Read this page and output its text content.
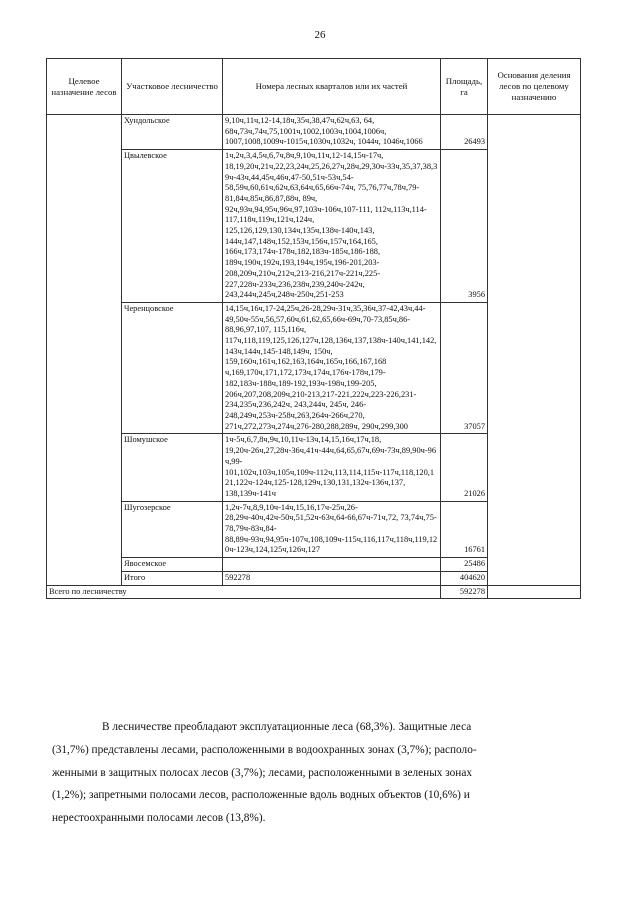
26
Целевое назначение лесов	Участковое лесничество	Номера лесных кварталов или их частей	Площадь, га	Основания деления лесов по целевому назначению
	Хундольское	9,10ч,11ч,12-14,18ч,35ч,38,47ч,62ч,63, 64, 68ч,73ч,74ч,75,1001ч,1002,1003ч,1004,1006ч, 1007,1008,1009ч-1015ч,1030ч,1032ч, 1044ч, 1046ч,1066	26493	
	Цвылевское	1ч,2ч,3,4,5ч,6,7ч,8ч,9,10ч,11ч,12-14,15ч-17ч, 18,19,20ч,21ч,22,23,24ч,25,26,27ч,28ч,29,30ч-33ч,35,37,38,39ч-43ч,44,45ч,46ч,47-50,51ч-53ч,54-58,59ч,60,61ч,62ч,63,64ч,65,66ч-74ч, 75,76,77ч,78ч,79-81,84ч,85ч,86,87,88ч, 89ч, 92ч,93ч,94,95ч,96ч,97,103ч-106ч,107-111, 112ч,113ч,114-117,118ч,119ч,121ч,124ч, 125,126,129,130,134ч,135ч,138ч-140ч,143, 144ч,147,148ч,152,153ч,156ч,157ч,164,165, 166ч,173,174ч-178ч,182,183ч-185ч,186-188, 189ч,190ч,192ч,193,194ч,195ч,196-201,203-208,209ч,210ч,212ч,213-216,217ч-221ч,225-227,228ч-233ч,236,238ч,239,240ч-242ч, 243,244ч,245ч,248ч-250ч,251-253	3956	
	Черенцовское	14,15ч,16ч,17-24,25ч,26-28,29ч-31ч,35,36ч,37-42,43ч,44-49,50ч-55ч,56,57,60ч,61,62,65,66ч-69ч,70-73,85ч,86-88,96,97,107, 115,116ч, 117ч,118,119,125,126,127ч,128,136ч,137,138ч-140ч,141,142,143ч,144ч,145-148,149ч, 150ч, 159,160ч,161ч,162,163,164ч,165ч,166,167,168 ч,169,170ч,171,172,173ч,174ч,176ч-178ч,179-182,183ч-188ч,189-192,193ч-198ч,199-205, 206ч,207,208,209ч,210-213,217-221,222ч,223-226,231-234,235ч,236,242ч, 243,244ч, 245ч, 246-248,249ч,253ч-258ч,263,264ч-266ч,270, 271ч,272,273ч,274ч,276-280,288,289ч, 290ч,299,300	37057	
	Шомушское	1ч-5ч,6,7,8ч,9ч,10,11ч-13ч,14,15,16ч,17ч,18, 19,20ч-26ч,27,28ч-36ч,41ч-44ч,64,65,67ч,69ч-73ч,89,90ч-96ч,99-101,102ч,103ч,105ч,109ч-112ч,113,114,115ч-117ч,118,120,121,122ч-124ч,125-128,129ч,130,131,132ч-136ч,137, 138,139ч-141ч	21026	
	Шугозерское	1,2ч-7ч,8,9,10ч-14ч,15,16,17ч-25ч,26-28,29ч-40ч,42ч-50ч,51,52ч-63ч,64-66,67ч-71ч,72, 73,74ч,75-78,79ч-83ч,84-88,89ч-93ч,94,95ч-107ч,108,109ч-115ч,116,117ч,118ч,119,120ч-123ч,124,125ч,126ч,127	16761	
	Явосемское		25486	
	Итого	592278	404620	
Всего по лесничеству			592278	
В лесничестве преобладают эксплуатационные леса (68,3%). Защитные леса
(31,7%) представлены лесами, расположенными в водоохранных зонах (3,7%); располо-
женными в защитных полосах лесов (3,7%); лесами, расположенными в зеленых зонах
(1,2%); запретными полосами лесов, расположенные вдоль водных объектов (10,6%) и
нерестоохранными полосами лесов (13,8%).
